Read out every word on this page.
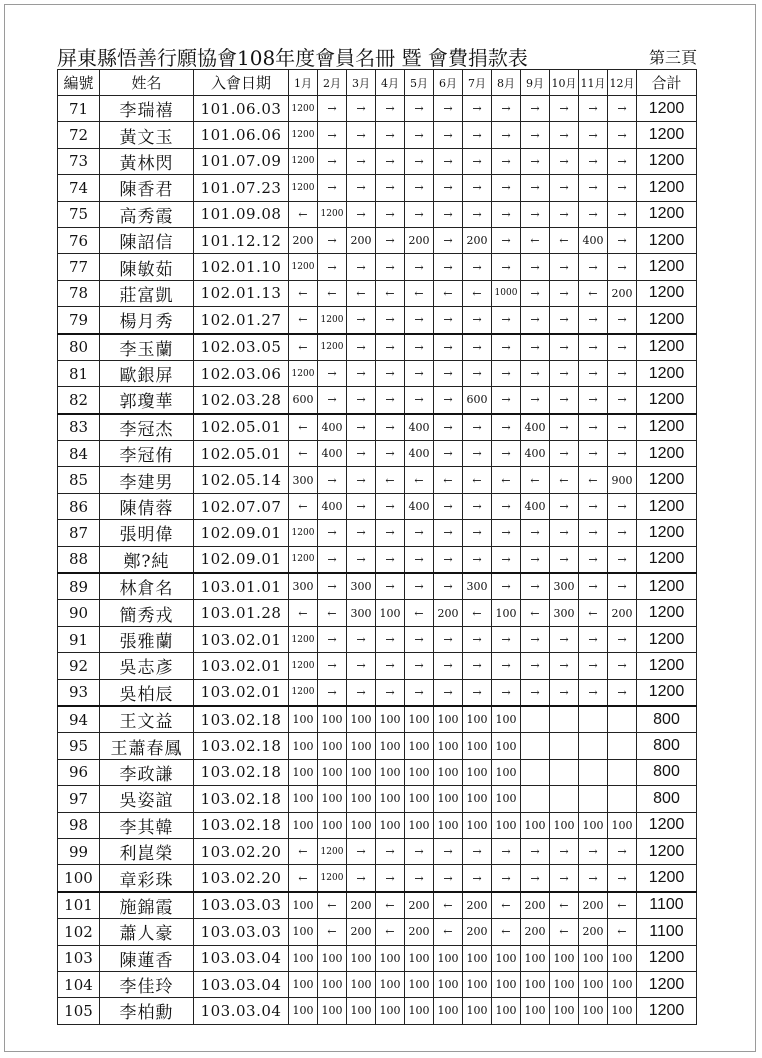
屏東縣悟善行願協會108年度會員名冊 暨 會費捐款表	第三頁
編號	姓名	入會日期	1月	2月	3月	4月	5月	6月	7月	8月	9月	10月	11月	12月	合計
71	李瑞禧	101.06.03	1200	→	→	→	→	→	→	→	→	→	→	→	1200
72	黃文玉	101.06.06	1200	→	→	→	→	→	→	→	→	→	→	→	1200
73	黃林閃	101.07.09	1200	→	→	→	→	→	→	→	→	→	→	→	1200
74	陳香君	101.07.23	1200	→	→	→	→	→	→	→	→	→	→	→	1200
75	高秀霞	101.09.08	←	1200	→	→	→	→	→	→	→	→	→	→	1200
76	陳詔信	101.12.12	200	→	200	→	200	→	200	→	←	←	400	→	1200
77	陳敏茹	102.01.10	1200	→	→	→	→	→	→	→	→	→	→	→	1200
78	莊富凱	102.01.13	←	←	←	←	←	←	←	1000	→	→	←	200	1200
79	楊月秀	102.01.27	←	1200	→	→	→	→	→	→	→	→	→	→	1200
80	李玉蘭	102.03.05	←	1200	→	→	→	→	→	→	→	→	→	→	1200
81	歐銀屏	102.03.06	1200	→	→	→	→	→	→	→	→	→	→	→	1200
82	郭瓊華	102.03.28	600	→	→	→	→	→	600	→	→	→	→	→	1200
83	李冠杰	102.05.01	←	400	→	→	400	→	→	→	400	→	→	→	1200
84	李冠侑	102.05.01	←	400	→	→	400	→	→	→	400	→	→	→	1200
85	李建男	102.05.14	300	→	→	←	←	←	←	←	←	←	←	900	1200
86	陳倩蓉	102.07.07	←	400	→	→	400	→	→	→	400	→	→	→	1200
87	張明偉	102.09.01	1200	→	→	→	→	→	→	→	→	→	→	→	1200
88	鄭?純	102.09.01	1200	→	→	→	→	→	→	→	→	→	→	→	1200
89	林倉名	103.01.01	300	→	300	→	→	→	300	→	→	300	→	→	1200
90	簡秀戎	103.01.28	←	←	300	100	←	200	←	100	←	300	←	200	1200
91	張雅蘭	103.02.01	1200	→	→	→	→	→	→	→	→	→	→	→	1200
92	吳志彥	103.02.01	1200	→	→	→	→	→	→	→	→	→	→	→	1200
93	吳柏辰	103.02.01	1200	→	→	→	→	→	→	→	→	→	→	→	1200
94	王文益	103.02.18	100	100	100	100	100	100	100	100					800
95	王蕭春鳳	103.02.18	100	100	100	100	100	100	100	100					800
96	李政謙	103.02.18	100	100	100	100	100	100	100	100					800
97	吳姿誼	103.02.18	100	100	100	100	100	100	100	100					800
98	李其韓	103.02.18	100	100	100	100	100	100	100	100	100	100	100	100	1200
99	利崑榮	103.02.20	←	1200	→	→	→	→	→	→	→	→	→	→	1200
100	章彩珠	103.02.20	←	1200	→	→	→	→	→	→	→	→	→	→	1200
101	施錦霞	103.03.03	100	←	200	←	200	←	200	←	200	←	200	←	1100
102	蕭人豪	103.03.03	100	←	200	←	200	←	200	←	200	←	200	←	1100
103	陳蓮香	103.03.04	100	100	100	100	100	100	100	100	100	100	100	100	1200
104	李佳玲	103.03.04	100	100	100	100	100	100	100	100	100	100	100	100	1200
105	李柏勳	103.03.04	100	100	100	100	100	100	100	100	100	100	100	100	1200
